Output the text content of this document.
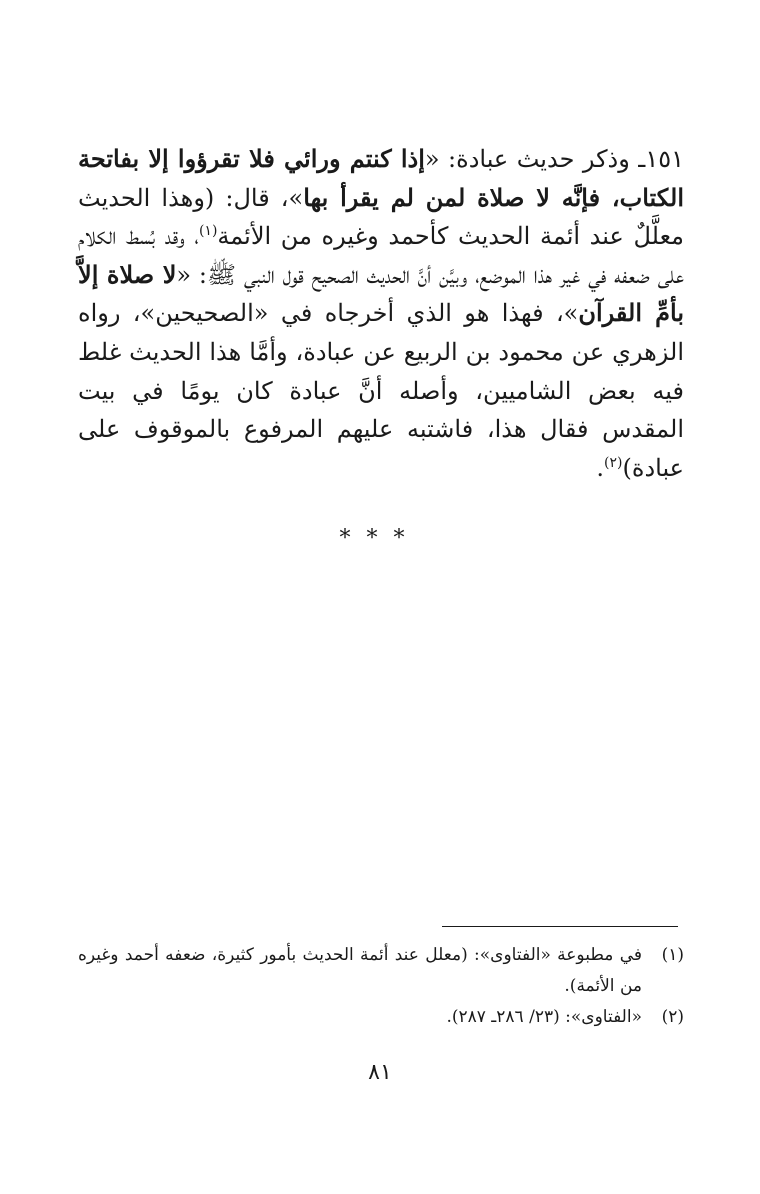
١٥١ـ وذكر حديث عبادة: «إذا كنتم ورائي فلا تقرؤوا إلا بفاتحة الكتاب، فإنَّه لا صلاة لمن لم يقرأ بها»، قال: (وهذا الحديث معلَّلٌ عند أئمة الحديث كأحمد وغيره من الأئمة$^{(١)}$، وقد بُسط الكلام على ضعفه في غير هذا الموضع، وبيَّن أنَّ الحديث الصحيح قول النبي ﷺ: «لا صلاة إلاَّ بأمِّ القرآن»، فهذا هو الذي أخرجاه في «الصحيحين»، رواه الزهري عن محمود بن الربيع عن عبادة، وأمَّا هذا الحديث غلط فيه بعض الشاميين، وأصله أنَّ عبادة كان يومًا في بيت المقدس فقال هذا، فاشتبه عليهم المرفوع بالموقوف على عبادة)$^{(٢)}$.

***
(١)
في مطبوعة «الفتاوى»: (معلل عند أئمة الحديث بأمور كثيرة، ضعفه أحمد وغيره من الأئمة).
(٢)
«الفتاوى»: (٢٣/ ٢٨٦ـ ٢٨٧).
٨١
